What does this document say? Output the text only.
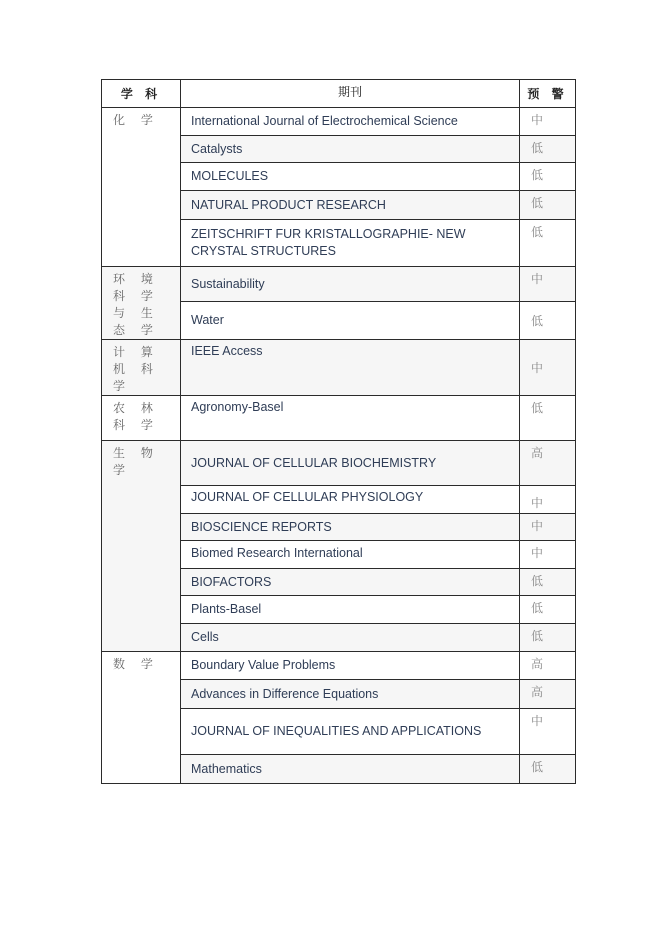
学 科	期刊	预 警
化 学	International Journal of Electrochemical Science	中
	Catalysts	低
	MOLECULES	低
	NATURAL PRODUCT RESEARCH	低
	ZEITSCHRIFT FUR KRISTALLOGRAPHIE- NEW CRYSTAL STRUCTURES	低
环 境 科 学 与 生 态 学	Sustainability	中
	Water	低
计 算 机 科 学	IEEE Access	中
农 林 科 学	Agronomy-Basel	低
生 物 学	JOURNAL OF CELLULAR BIOCHEMISTRY	高
	JOURNAL OF CELLULAR PHYSIOLOGY	中
	BIOSCIENCE REPORTS	中
	Biomed Research International	中
	BIOFACTORS	低
	Plants-Basel	低
	Cells	低
数 学	Boundary Value Problems	高
	Advances in Difference Equations	高
	JOURNAL OF INEQUALITIES AND APPLICATIONS	中
	Mathematics	低
